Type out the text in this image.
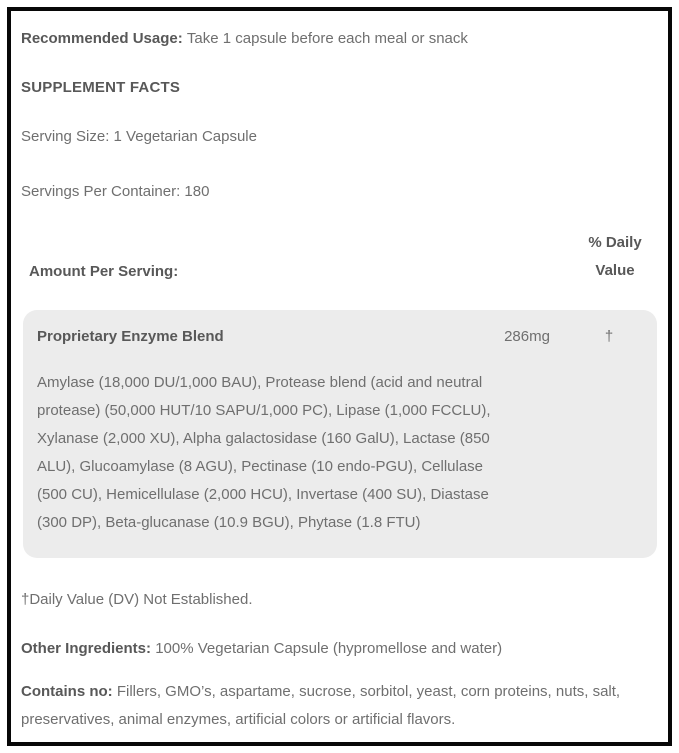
Recommended Usage: Take 1 capsule before each meal or snack
SUPPLEMENT FACTS
Serving Size: 1 Vegetarian Capsule
Servings Per Container: 180
Amount Per Serving:
% Daily
Value
Proprietary Enzyme Blend	286mg	†
Amylase (18,000 DU/1,000 BAU), Protease blend (acid and neutral protease) (50,000 HUT/10 SAPU/1,000 PC), Lipase (1,000 FCCLU), Xylanase (2,000 XU), Alpha galactosidase (160 GalU), Lactase (850 ALU), Glucoamylase (8 AGU), Pectinase (10 endo-PGU), Cellulase (500 CU), Hemicellulase (2,000 HCU), Invertase (400 SU), Diastase (300 DP), Beta-glucanase (10.9 BGU), Phytase (1.8 FTU)
†Daily Value (DV) Not Established.
Other Ingredients: 100% Vegetarian Capsule (hypromellose and water)
Contains no: Fillers, GMO’s, aspartame, sucrose, sorbitol, yeast, corn proteins, nuts, salt, preservatives, animal enzymes, artificial colors or artificial flavors.
